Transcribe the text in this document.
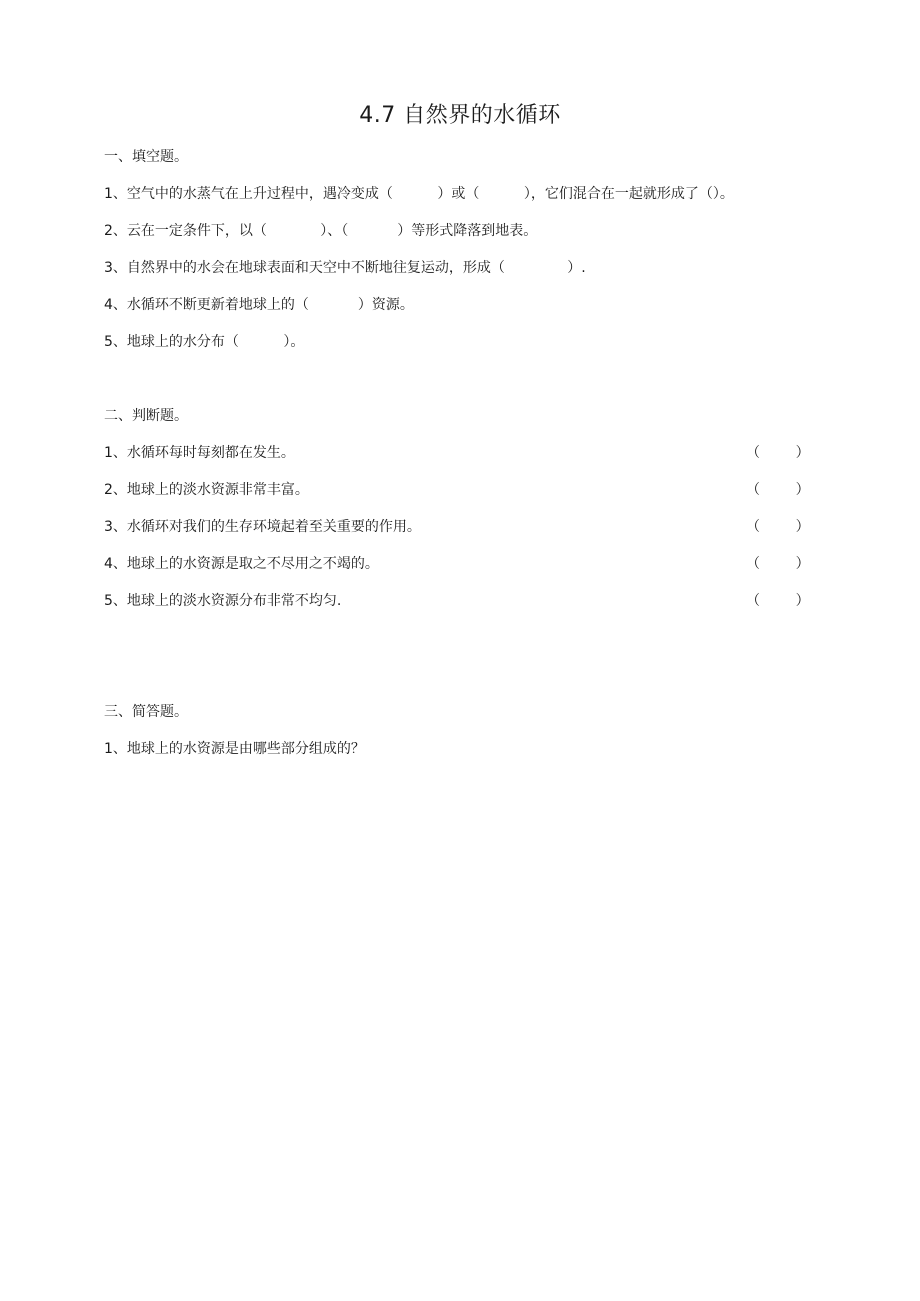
4.7 自然界的水循环
一、填空题。
1、空气中的水蒸气在上升过程中，遇冷变成（          ）或（          ），它们混合在一起就形成了（）。
2、云在一定条件下，以（            ）、（           ）等形式降落到地表。
3、自然界中的水会在地球表面和天空中不断地往复运动，形成（              ）.
4、水循环不断更新着地球上的（           ）资源。
5、地球上的水分布（          ）。
二、判断题。
1、水循环每时每刻都在发生。	（        ）
2、地球上的淡水资源非常丰富。	（        ）
3、水循环对我们的生存环境起着至关重要的作用。	（        ）
4、地球上的水资源是取之不尽用之不竭的。	（        ）
5、地球上的淡水资源分布非常不均匀.	（        ）
三、简答题。
1、地球上的水资源是由哪些部分组成的？
